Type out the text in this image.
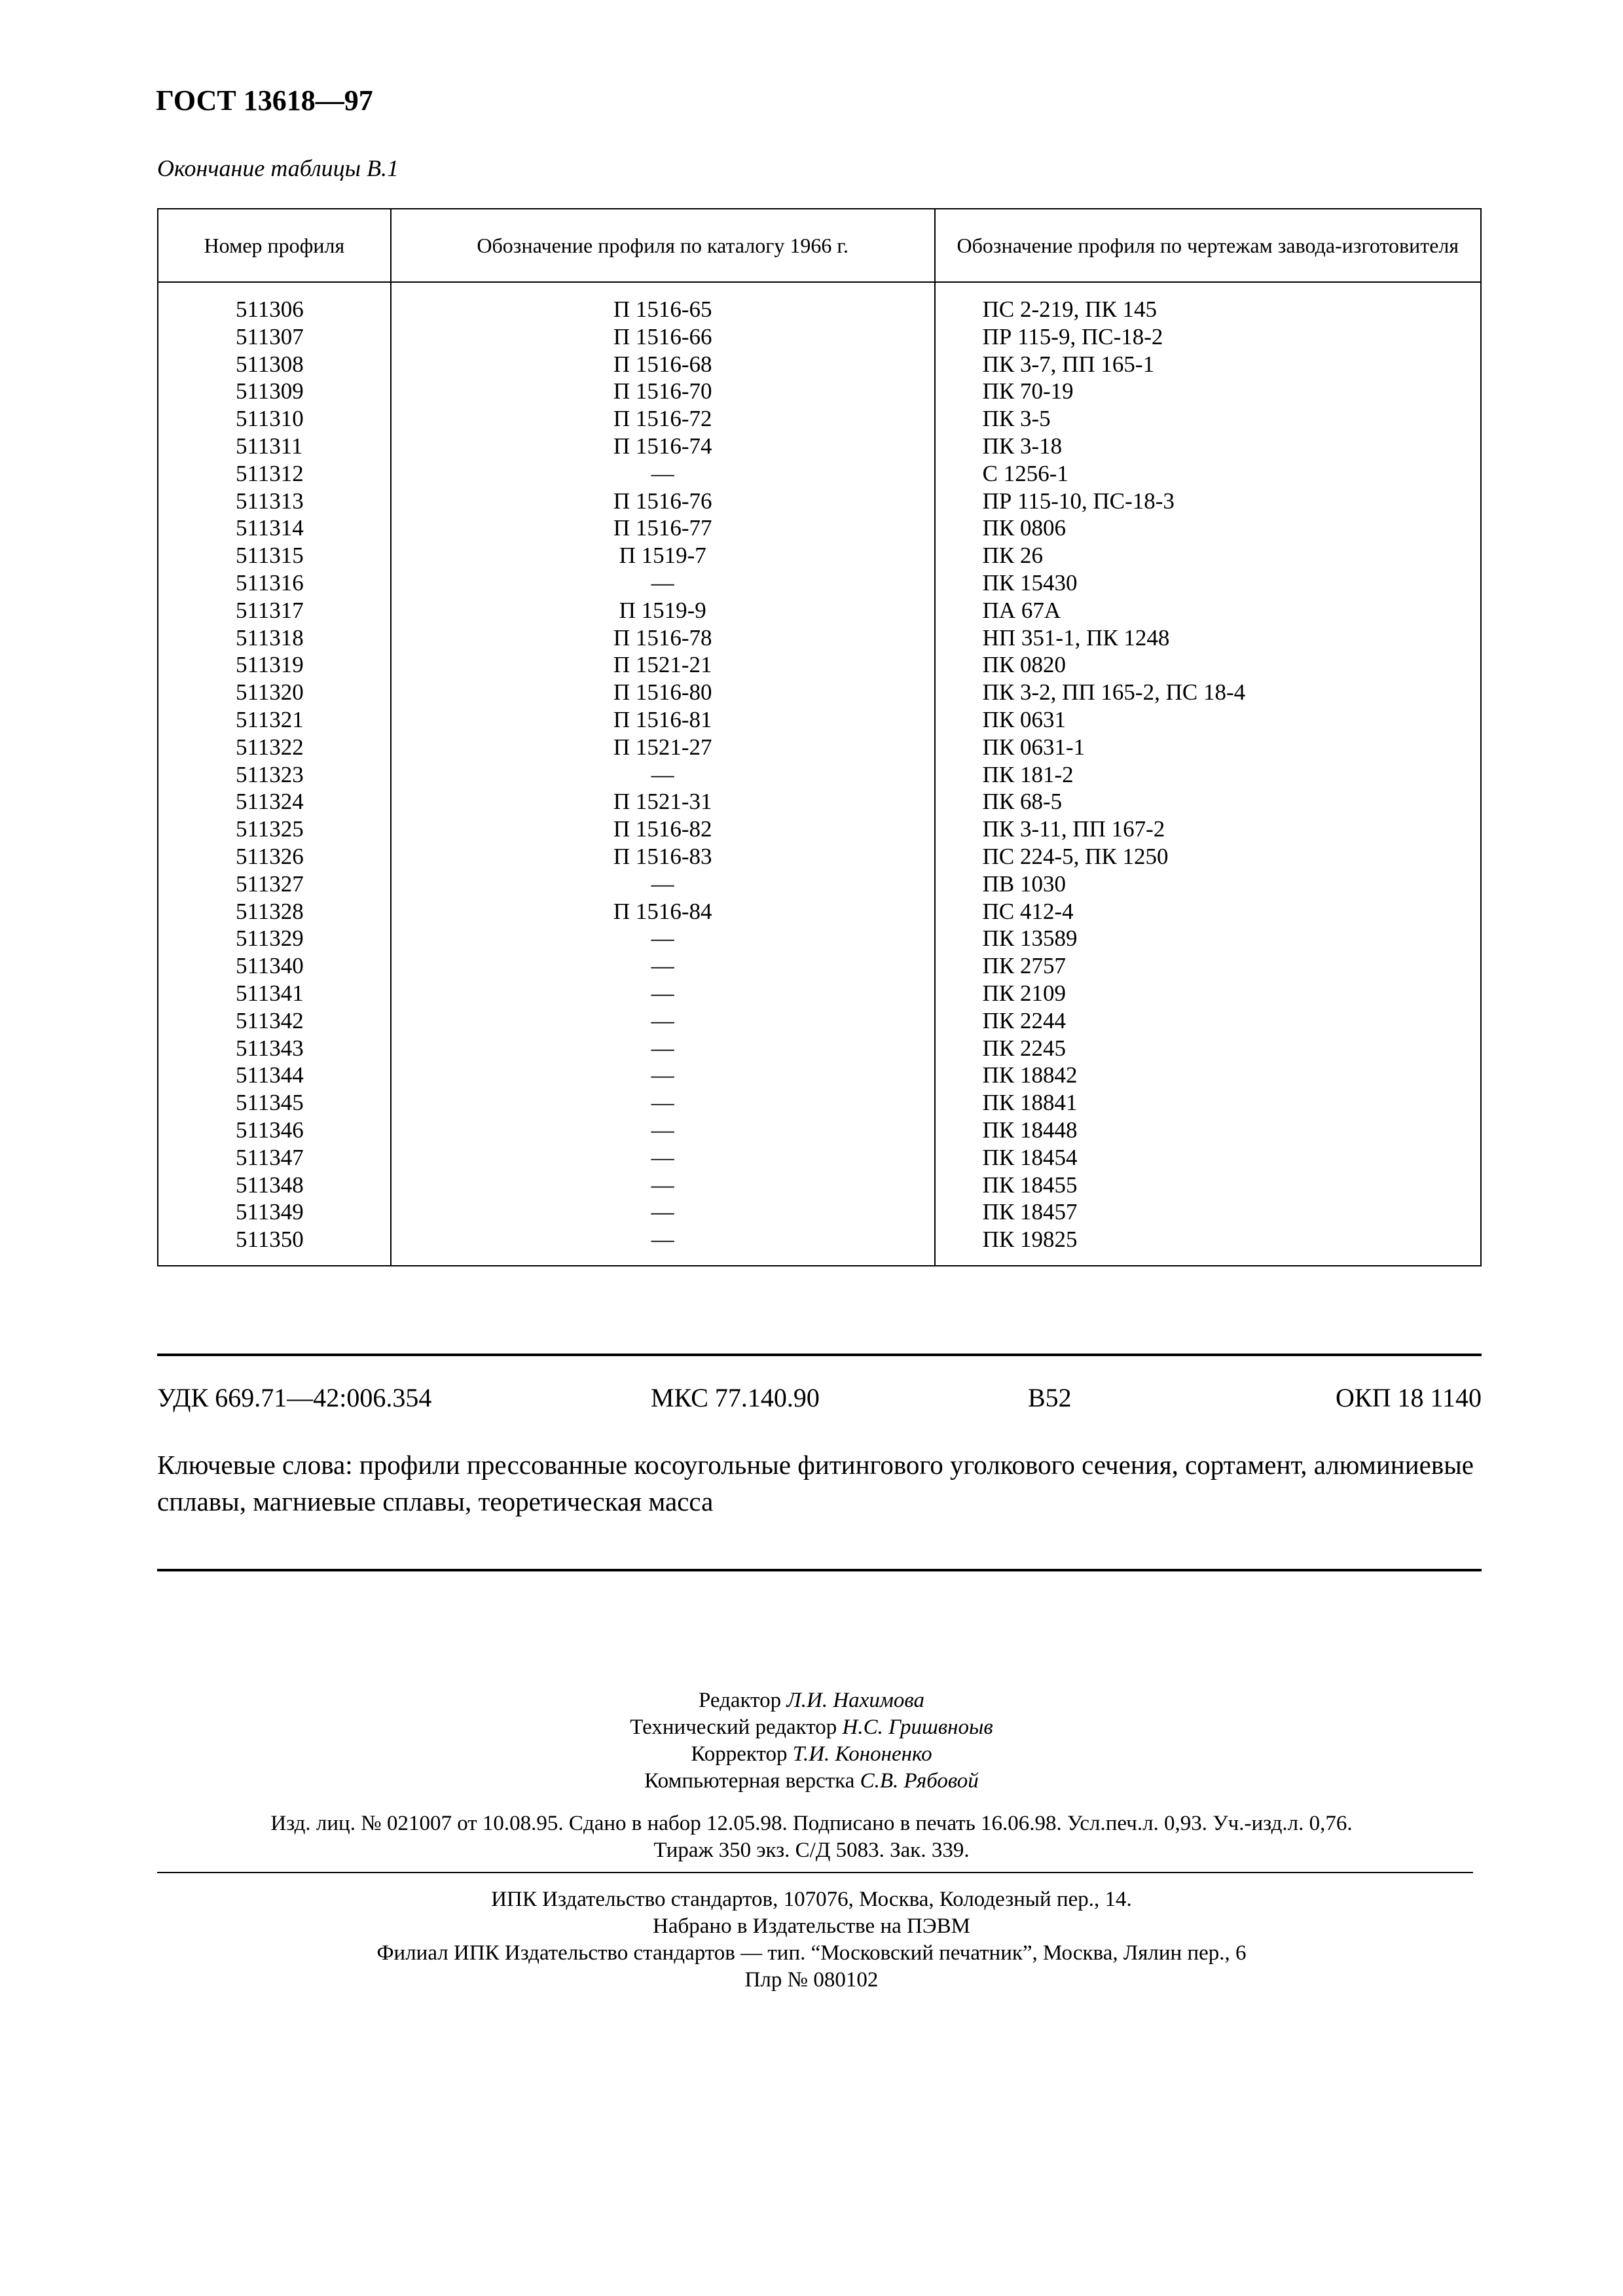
ГОСТ 13618—97
Окончание таблицы В.1
Номер профиля	Обозначение профиля по каталогу 1966 г.	Обозначение профиля по чертежам завода-изготовителя
511306	П 1516-65	ПС 2-219, ПК 145
511307	П 1516-66	ПР 115-9, ПС-18-2
511308	П 1516-68	ПК 3-7, ПП 165-1
511309	П 1516-70	ПК 70-19
511310	П 1516-72	ПК 3-5
511311	П 1516-74	ПК 3-18
511312	—	С 1256-1
511313	П 1516-76	ПР 115-10, ПС-18-3
511314	П 1516-77	ПК 0806
511315	П 1519-7	ПК 26
511316	—	ПК 15430
511317	П 1519-9	ПА 67А
511318	П 1516-78	НП 351-1, ПК 1248
511319	П 1521-21	ПК 0820
511320	П 1516-80	ПК 3-2, ПП 165-2, ПС 18-4
511321	П 1516-81	ПК 0631
511322	П 1521-27	ПК 0631-1
511323	—	ПК 181-2
511324	П 1521-31	ПК 68-5
511325	П 1516-82	ПК 3-11, ПП 167-2
511326	П 1516-83	ПС 224-5, ПК 1250
511327	—	ПВ 1030
511328	П 1516-84	ПС 412-4
511329	—	ПК 13589
511340	—	ПК 2757
511341	—	ПК 2109
511342	—	ПК 2244
511343	—	ПК 2245
511344	—	ПК 18842
511345	—	ПК 18841
511346	—	ПК 18448
511347	—	ПК 18454
511348	—	ПК 18455
511349	—	ПК 18457
511350	—	ПК 19825
УДК 669.71—42:006.354	МКС 77.140.90	В52	ОКП 18 1140
Ключевые слова: профили прессованные косоугольные фитингового уголкового сечения, сортамент, алюминиевые сплавы, магниевые сплавы, теоретическая масса
Редактор Л.И. Нахимова
Технический редактор Н.С. Гришвноыв
Корректор Т.И. Кононенко
Компьютерная верстка С.В. Рябовой
Изд. лиц. № 021007 от 10.08.95. Сдано в набор 12.05.98. Подписано в печать 16.06.98. Усл.печ.л. 0,93. Уч.-изд.л. 0,76.
Тираж 350 экз. С/Д 5083. Зак. 339.
ИПК Издательство стандартов, 107076, Москва, Колодезный пер., 14.
Набрано в Издательстве на ПЭВМ
Филиал ИПК Издательство стандартов — тип. “Московский печатник”, Москва, Лялин пер., 6
Плр № 080102
